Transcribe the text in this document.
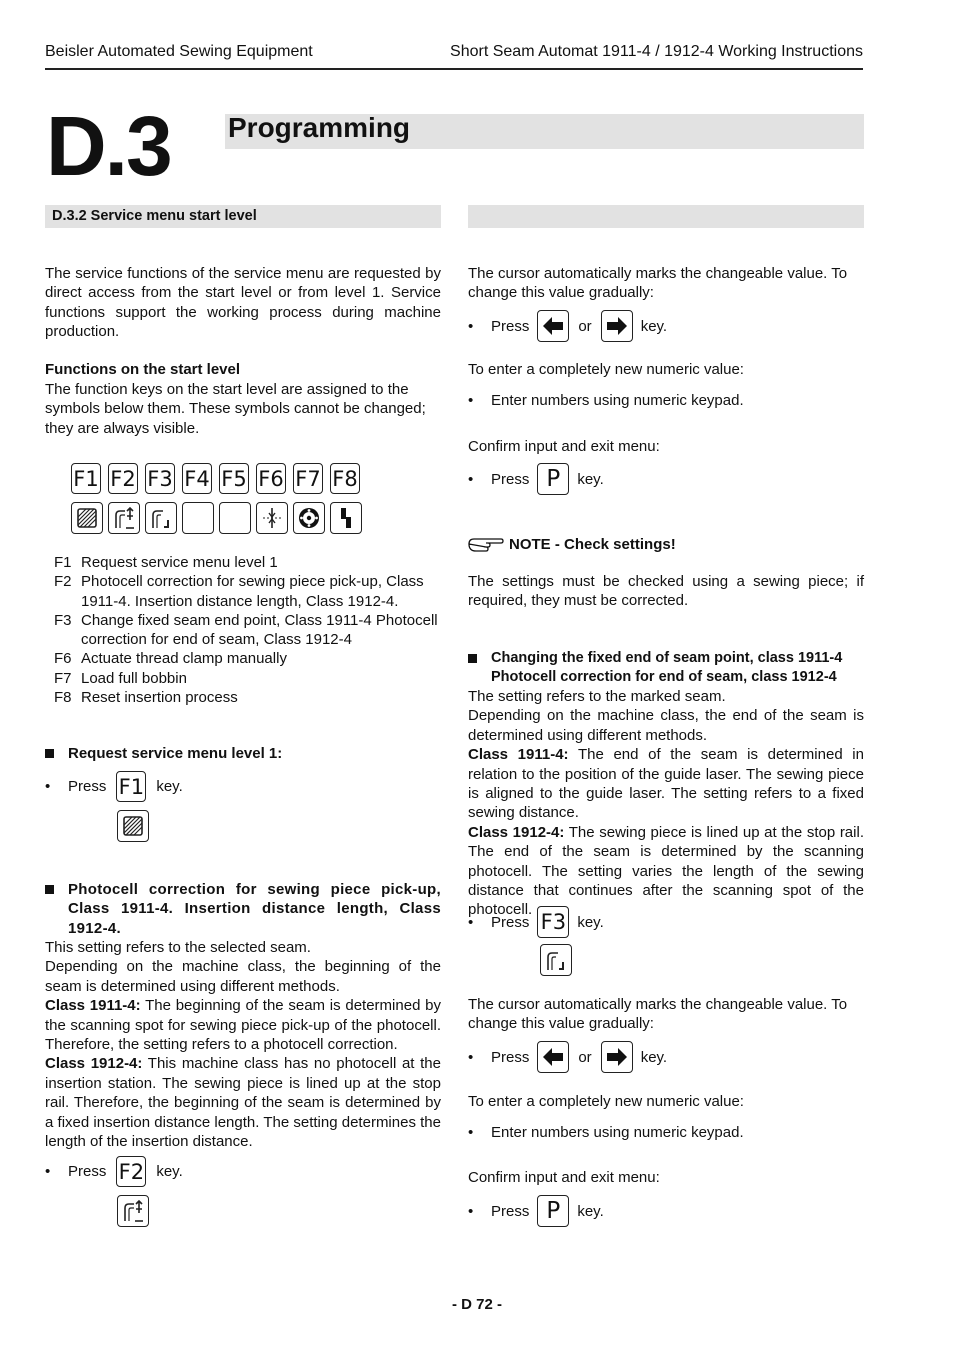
Beisler Automated Sewing Equipment	Short Seam Automat 1911-4 / 1912-4 Working Instructions
D.3 Programming
D.3.2 Service menu start level
The service functions of the service menu are requested by direct access from the start level or from level 1. Service functions support the working process during machine production.
Functions on the start level
The function keys on the start level are assigned to the symbols below them. These symbols cannot be changed; they are always visible.
F1 F2 F3 F4 F5 F6 F7 F8
F1 Request service menu level 1
F2 Photocell correction for sewing piece pick-up, Class 1911-4. Insertion distance length, Class 1912-4.
F3 Change fixed seam end point, Class 1911-4 Photocell correction for end of seam, Class 1912-4
F6 Actuate thread clamp manually
F7 Load full bobbin
F8 Reset insertion process
Request service menu level 1:
•	Press F1 key.
Photocell correction for sewing piece pick-up, Class 1911-4. Insertion distance length, Class 1912-4.
This setting refers to the selected seam.
Depending on the machine class, the beginning of the seam is determined using different methods.
Class 1911-4: The beginning of the seam is determined by the scanning spot for sewing piece pick-up of the photocell. Therefore, the setting refers to a photocell correction.
Class 1912-4: This machine class has no photocell at the insertion station. The sewing piece is lined up at the stop rail. Therefore, the beginning of the seam is determined by a fixed insertion distance length. The setting determines the length of the insertion distance.
•	Press F2 key.
The cursor automatically marks the changeable value. To change this value gradually:
•	Press	or	key.
To enter a completely new numeric value:
•	Enter numbers using numeric keypad.
Confirm input and exit menu:
•	Press P	key.
NOTE - Check settings!
The settings must be checked using a sewing piece; if required, they must be corrected.
Changing the fixed end of seam point, class 1911-4
Photocell correction for end of seam, class 1912-4
The setting refers to the marked seam.
Depending on the machine class, the end of the seam is determined using different methods.
Class 1911-4: The end of the seam is determined in relation to the position of the guide laser. The sewing piece is aligned to the guide laser. The setting refers to a fixed sewing distance.
Class 1912-4: The sewing piece is lined up at the stop rail. The end of the seam is determined by the scanning photocell. The setting varies the length of the sewing distance that continues after the scanning spot of the photocell.
•	Press F3 key.
The cursor automatically marks the changeable value. To change this value gradually:
•	Press	or	key.
To enter a completely new numeric value:
•	Enter numbers using numeric keypad.
Confirm input and exit menu:
•	Press P	key.
- D 72 -
